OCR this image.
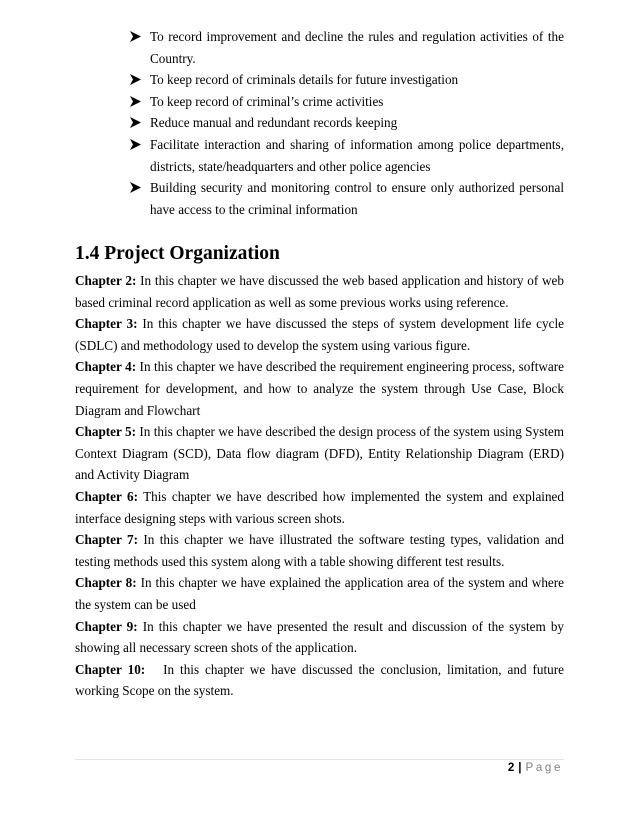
To record improvement and decline the rules and regulation activities of the Country.
To keep record of criminals details for future investigation
To keep record of criminal’s crime activities
Reduce manual and redundant records keeping
Facilitate interaction and sharing of information among police departments, districts, state/headquarters and other police agencies
Building security and monitoring control to ensure only authorized personal have access to the criminal information
1.4 Project Organization

Chapter 2: In this chapter we have discussed the web based application and history of web based criminal record application as well as some previous works using reference.

Chapter 3: In this chapter we have discussed the steps of system development life cycle (SDLC) and methodology used to develop the system using various figure.

Chapter 4: In this chapter we have described the requirement engineering process, software requirement for development, and how to analyze the system through Use Case, Block Diagram and Flowchart

Chapter 5: In this chapter we have described the design process of the system using System Context Diagram (SCD), Data flow diagram (DFD), Entity Relationship Diagram (ERD) and Activity Diagram

Chapter 6: This chapter we have described how implemented the system and explained interface designing steps with various screen shots.

Chapter 7: In this chapter we have illustrated the software testing types, validation and testing methods used this system along with a table showing different test results.

Chapter 8: In this chapter we have explained the application area of the system and where the system can be used

Chapter 9: In this chapter we have presented the result and discussion of the system by showing all necessary screen shots of the application.

Chapter 10:   In this chapter we have discussed the conclusion, limitation, and future working Scope on the system.

2 | Page
